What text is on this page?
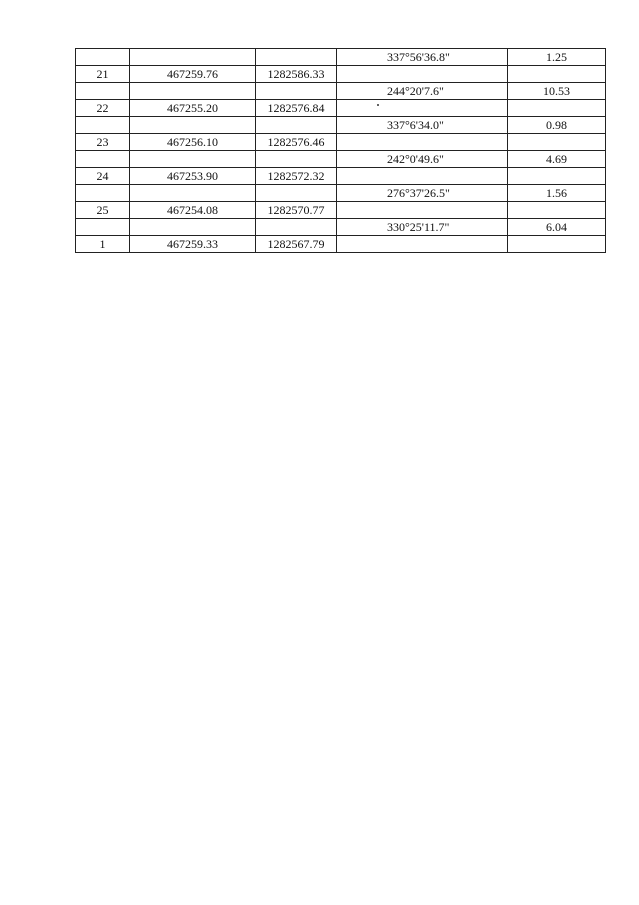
			337°56'36.8"	1.25
21	467259.76	1282586.33		
			244°20'7.6"	10.53
22	467255.20	1282576.84		
			337°6'34.0"	0.98
23	467256.10	1282576.46		
			242°0'49.6"	4.69
24	467253.90	1282572.32		
			276°37'26.5"	1.56
25	467254.08	1282570.77		
			330°25'11.7"	6.04
1	467259.33	1282567.79		
